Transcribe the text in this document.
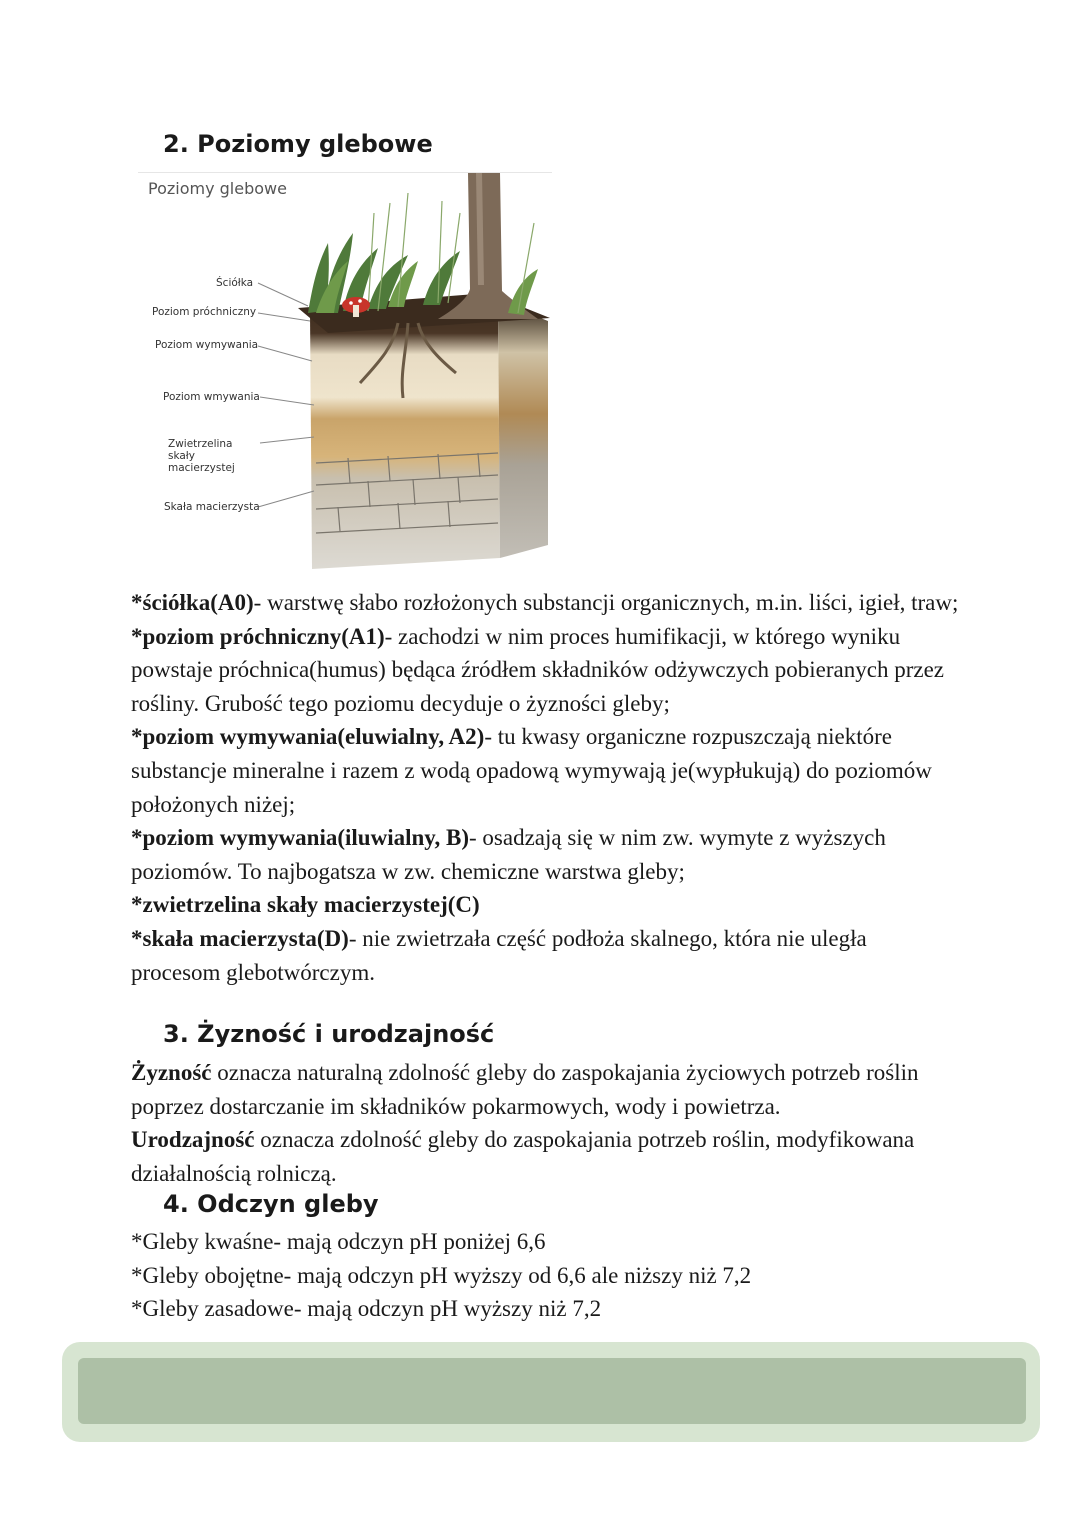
2. Poziomy glebowe
Poziomy glebowe
Ściółka
Poziom próchniczny
Poziom wymywania
Poziom wmywania
Zwietrzelina skały macierzystej
Skała macierzysta

*ściółka(A0)- warstwę słabo rozłożonych substancji organicznych, m.in. liści, igieł, traw;

*poziom próchniczny(A1)- zachodzi w nim proces humifikacji, w którego wyniku powstaje próchnica(humus) będąca źródłem składników odżywczych pobieranych przez rośliny. Grubość tego poziomu decyduje o żyzności gleby;

*poziom wymywania(eluwialny, A2)- tu kwasy organiczne rozpuszczają niektóre substancje mineralne i razem z wodą opadową wymywają je(wypłukują) do poziomów położonych niżej;

*poziom wymywania(iluwialny, B)- osadzają się w nim zw. wymyte z wyższych poziomów. To najbogatsza w zw. chemiczne warstwa gleby;

*zwietrzelina skały macierzystej(C)

*skała macierzysta(D)- nie zwietrzała część podłoża skalnego, która nie uległa procesom glebotwórczym.

3. Żyzność i urodzajność

Żyzność oznacza naturalną zdolność gleby do zaspokajania życiowych potrzeb roślin poprzez dostarczanie im składników pokarmowych, wody i powietrza.

Urodzajność oznacza zdolność gleby do zaspokajania potrzeb roślin, modyfikowana działalnością rolniczą.

4. Odczyn gleby

*Gleby kwaśne- mają odczyn pH poniżej 6,6

*Gleby obojętne- mają odczyn pH wyższy od 6,6 ale niższy niż 7,2

*Gleby zasadowe- mają odczyn pH wyższy niż 7,2
